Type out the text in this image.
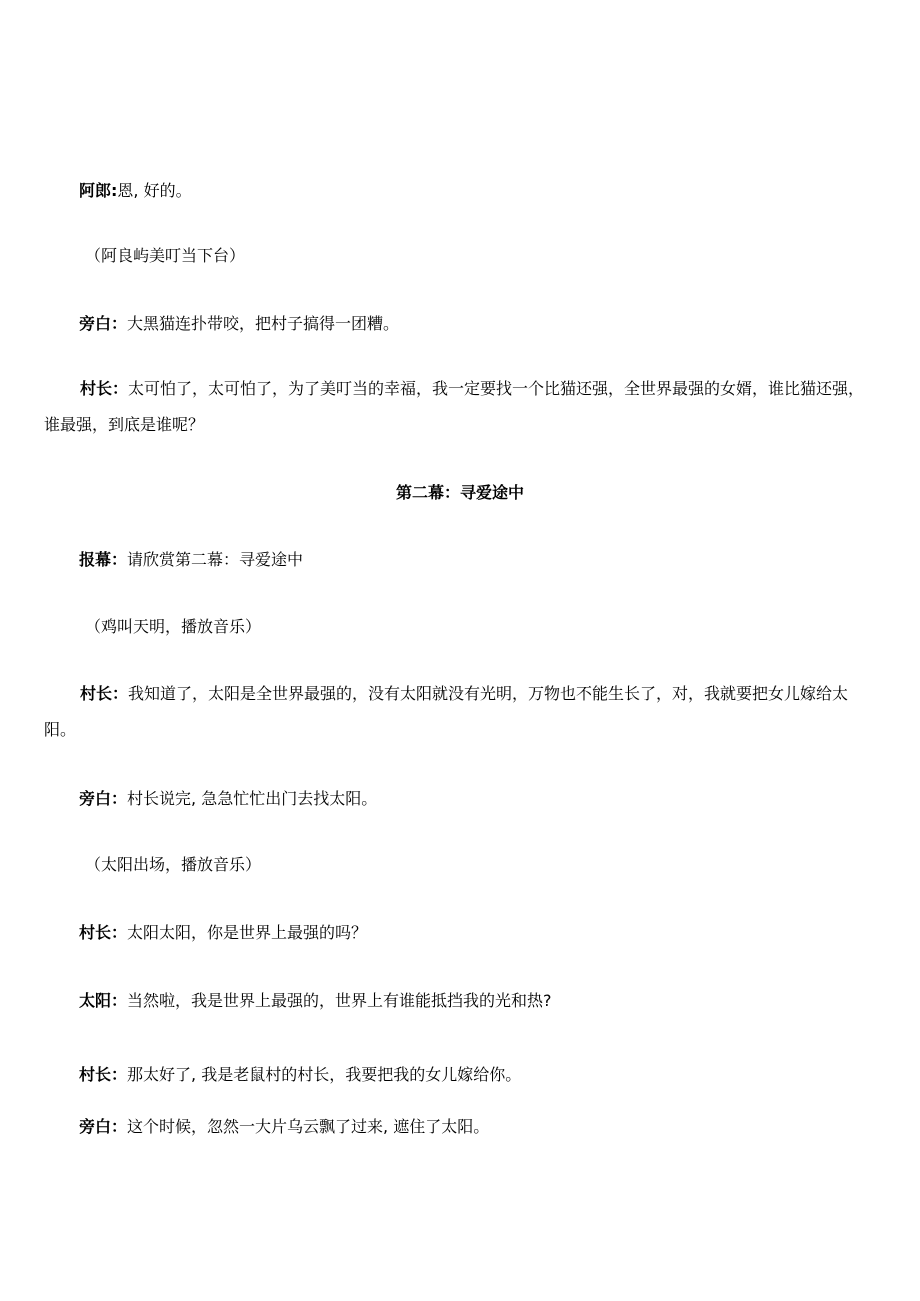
阿郎:恩, 好的。

（阿良屿美叮当下台）

旁白：大黑猫连扑带咬，把村子搞得一团糟。

村长：太可怕了，太可怕了，为了美叮当的幸福，我一定要找一个比猫还强，全世界最强的女婿，谁比猫还强，谁最强，到底是谁呢？

第二幕：寻爱途中

报幕：请欣赏第二幕：寻爱途中

（鸡叫天明，播放音乐）

村长：我知道了，太阳是全世界最强的，没有太阳就没有光明，万物也不能生长了，对，我就要把女儿嫁给太阳。

旁白：村长说完, 急急忙忙出门去找太阳。

（太阳出场，播放音乐）

村长：太阳太阳，你是世界上最强的吗？

太阳：当然啦，我是世界上最强的，世界上有谁能抵挡我的光和热?

村长：那太好了, 我是老鼠村的村长，我要把我的女儿嫁给你。

旁白：这个时候，忽然一大片乌云飘了过来, 遮住了太阳。
